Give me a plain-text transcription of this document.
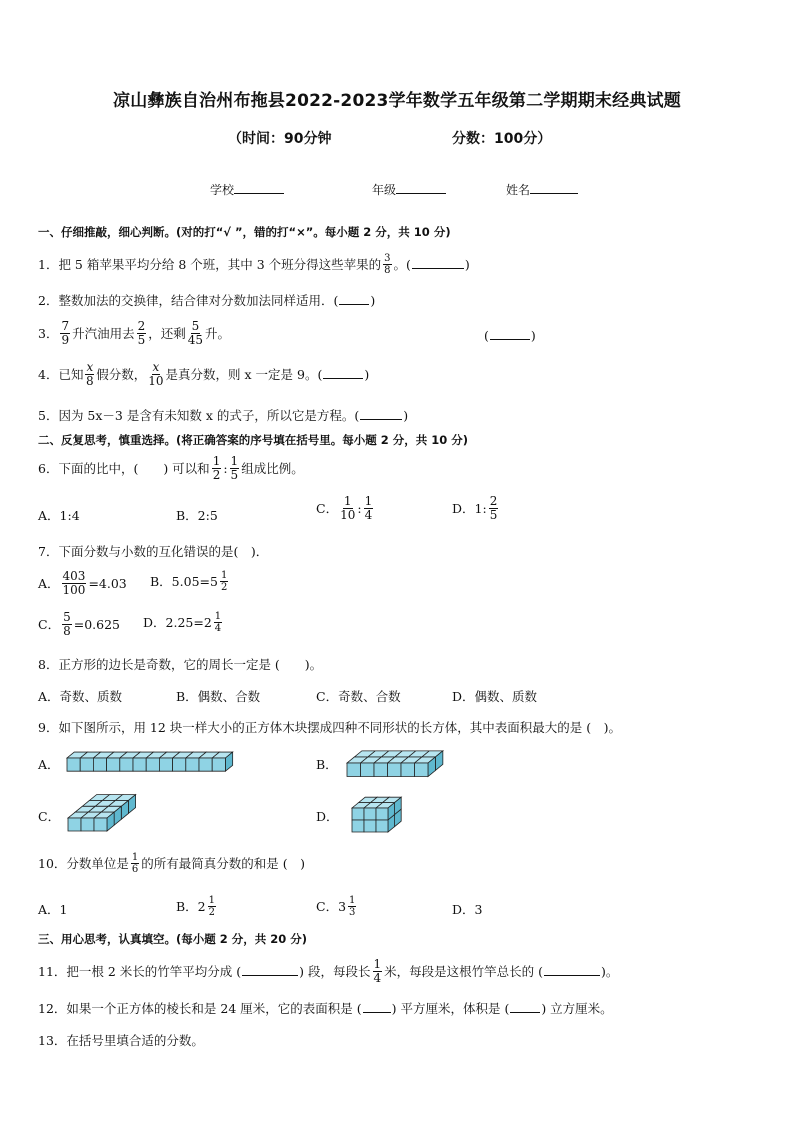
凉山彝族自治州布拖县2022-2023学年数学五年级第二学期期末经典试题
（时间：90分钟	分数：100分）
学校	年级	姓名
一、仔细推敲，细心判断。(对的打“√ ”，错的打“×”。每小题 2 分，共 10 分)
1．把 5 箱苹果平均分给 8 个班，其中 3 个班分得这些苹果的 $\frac{3}{8}$ 。(	)
2．整数加法的交换律，结合律对分数加法同样适用．(	)
3． $\frac{7}{9}$ 升汽油用去 $\frac{2}{5}$ ，还剩 $\frac{5}{45}$ 升。	(	)
4．已知 $\frac{x}{8}$ 假分数， $\frac{x}{10}$ 是真分数，则 x 一定是 9。(	)
5．因为 5x－3 是含有未知数 x 的式子，所以它是方程。(	)
二、反复思考，慎重选择。(将正确答案的序号填在括号里。每小题 2 分，共 10 分)
6．下面的比中，(　　) 可以和 $\frac{1}{2}$ : $\frac{1}{5}$ 组成比例。
A．1:4	B．2:5	C． $\frac{1}{10}$ : $\frac{1}{4}$	D．1: $\frac{2}{5}$
7．下面分数与小数的互化错误的是(　)．
A． $\frac{403}{100} =4.03$ B．$5.05=5 \frac{1}{2}$
C． $\frac{5}{8} =0.625$ D．$2.25=2 \frac{1}{4}$
8．正方形的边长是奇数，它的周长一定是 (　　)。
A．奇数、质数	B．偶数、合数	C．奇数、合数	D．偶数、质数
9．如下图所示，用 12 块一样大小的正方体木块摆成四种不同形状的长方体，其中表面积最大的是 (　)。
A．	B．
C．	D．
10．分数单位是 $\frac{1}{6}$ 的所有最简真分数的和是 (　)
A．1	B．$2 \frac{1}{2}$	C．$3 \frac{1}{3}$	D．3
三、用心思考，认真填空。(每小题 2 分，共 20 分)
11．把一根 2 米长的竹竿平均分成 (	) 段，每段长 $\frac{1}{4}$ 米，每段是这根竹竿总长的 (	)。
12．如果一个正方体的棱长和是 24 厘米，它的表面积是 ( ) 平方厘米，体积是 (	) 立方厘米。
13．在括号里填合适的分数。
